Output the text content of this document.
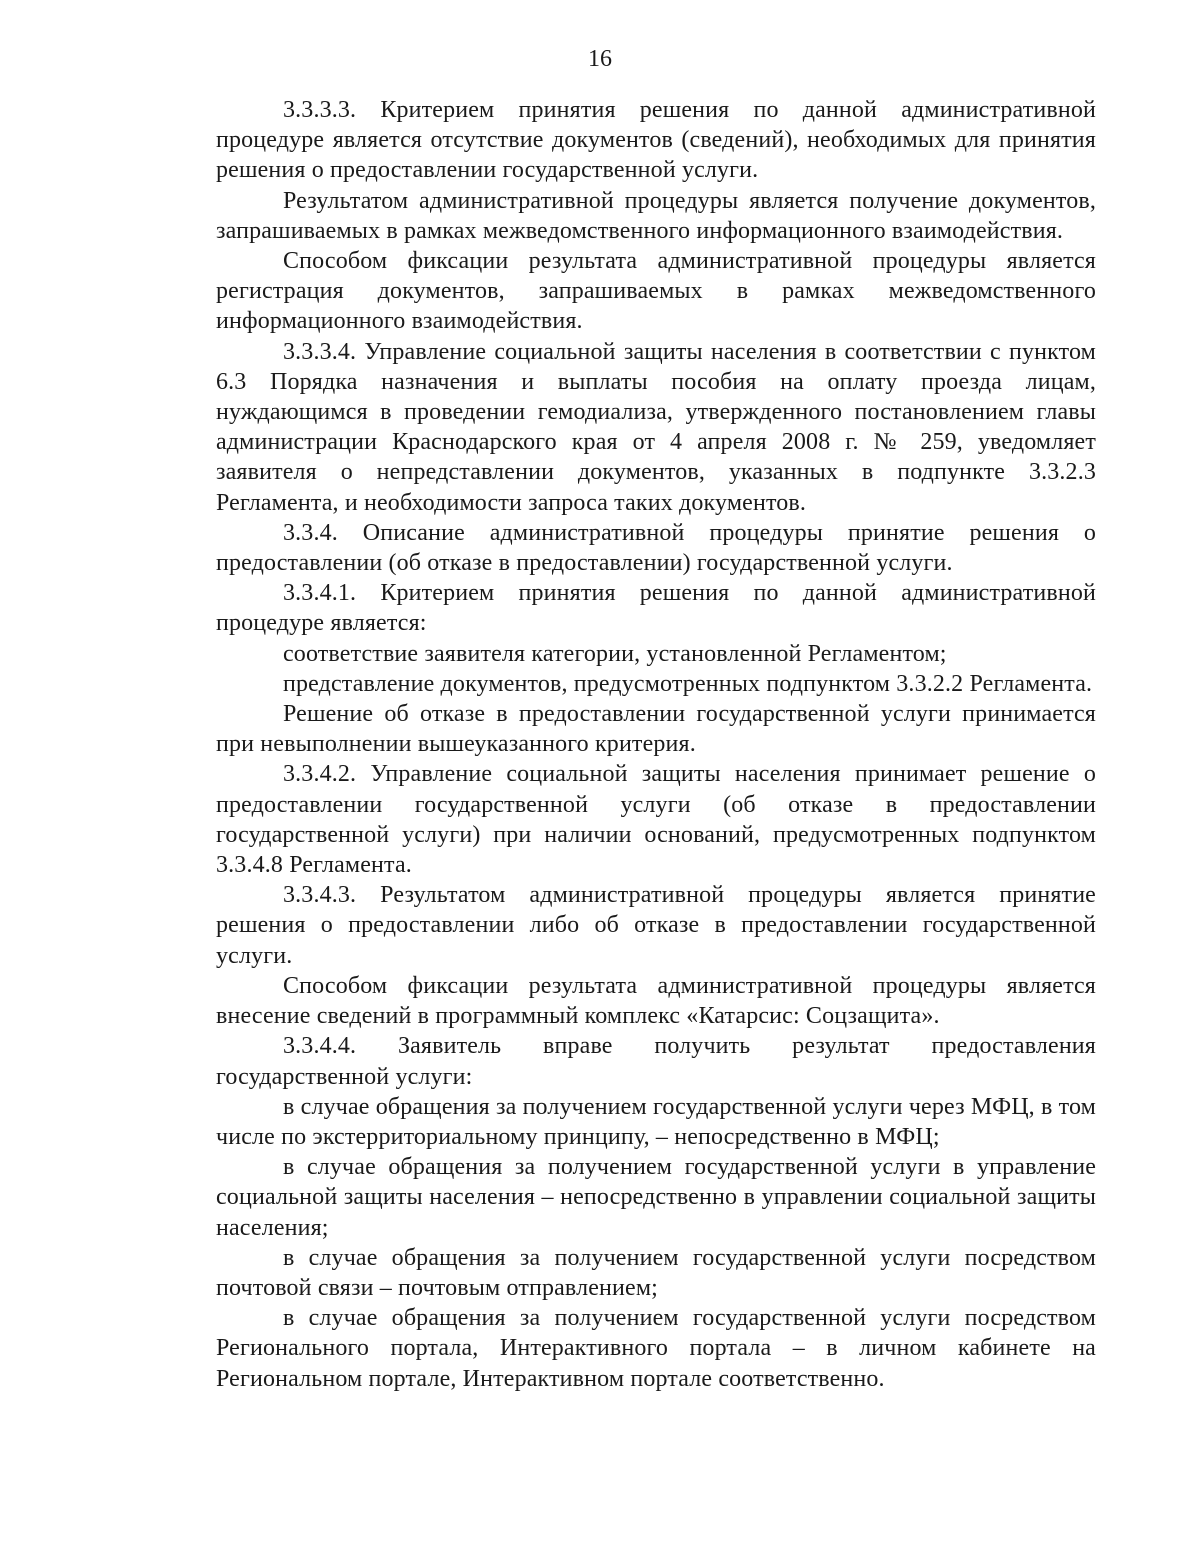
16

3.3.3.3. Критерием принятия решения по данной административной процедуре является отсутствие документов (сведений), необходимых для принятия решения о предоставлении государственной услуги.

Результатом административной процедуры является получение документов, запрашиваемых в рамках межведомственного информационного взаимодействия.

Способом фиксации результата административной процедуры является регистрация документов, запрашиваемых в рамках межведомственного информационного взаимодействия.

3.3.3.4. Управление социальной защиты населения в соответствии с пунктом 6.3 Порядка назначения и выплаты пособия на оплату проезда лицам, нуждающимся в проведении гемодиализа, утвержденного постановлением главы администрации Краснодарского края от 4 апреля 2008 г. № 259, уведомляет заявителя о непредставлении документов, указанных в подпункте 3.3.2.3 Регламента, и необходимости запроса таких документов.

3.3.4. Описание административной процедуры принятие решения о предоставлении (об отказе в предоставлении) государственной услуги.

3.3.4.1. Критерием принятия решения по данной административной процедуре является:

соответствие заявителя категории, установленной Регламентом;

представление документов, предусмотренных подпунктом 3.3.2.2 Регламента.

Решение об отказе в предоставлении государственной услуги принимается при невыполнении вышеуказанного критерия.

3.3.4.2. Управление социальной защиты населения принимает решение о предоставлении государственной услуги (об отказе в предоставлении государственной услуги) при наличии оснований, предусмотренных подпунктом 3.3.4.8 Регламента.

3.3.4.3. Результатом административной процедуры является принятие решения о предоставлении либо об отказе в предоставлении государственной услуги.

Способом фиксации результата административной процедуры является внесение сведений в программный комплекс «Катарсис: Соцзащита».

3.3.4.4. Заявитель вправе получить результат предоставления государственной услуги:

в случае обращения за получением государственной услуги через МФЦ, в том числе по экстерриториальному принципу, – непосредственно в МФЦ;

в случае обращения за получением государственной услуги в управление социальной защиты населения – непосредственно в управлении социальной защиты населения;

в случае обращения за получением государственной услуги посредством почтовой связи – почтовым отправлением;

в случае обращения за получением государственной услуги посредством Регионального портала, Интерактивного портала – в личном кабинете на Региональном портале, Интерактивном портале соответственно.
